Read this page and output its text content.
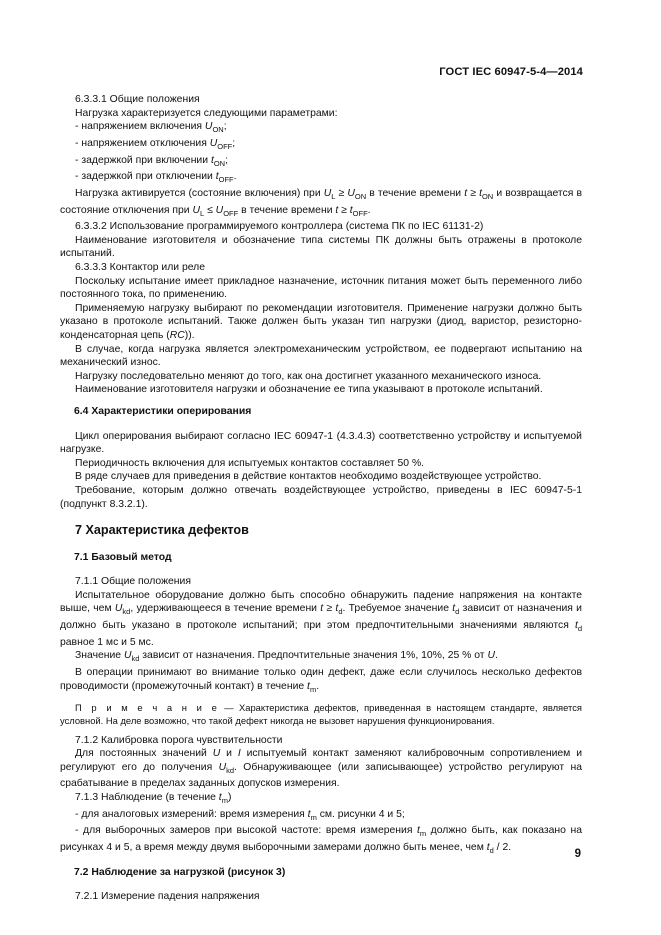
ГОСТ IEC 60947-5-4—2014

6.3.3.1 Общие положения

Нагрузка характеризуется следующими параметрами:

- напряжением включения $U_{ON}$;

- напряжением отключения $U_{OFF}$;

- задержкой при включении $t_{ON}$;

- задержкой при отключении $t_{OFF}$.

Нагрузка активируется (состояние включения) при $U_L \ge U_{ON}$ в течение времени $t \ge t_{ON}$ и возвращается в состояние отключения при $U_L \le U_{OFF}$ в течение времени $t \ge t_{OFF}$.

6.3.3.2 Использование программируемого контроллера (система ПК по IEC 61131-2)

Наименование изготовителя и обозначение типа системы ПК должны быть отражены в протоколе испытаний.

6.3.3.3 Контактор или реле

Поскольку испытание имеет прикладное назначение, источник питания может быть переменного либо постоянного тока, по применению.

Применяемую нагрузку выбирают по рекомендации изготовителя. Применение нагрузки должно быть указано в протоколе испытаний. Также должен быть указан тип нагрузки (диод, варистор, резисторно-конденсаторная цепь (RC)).

В случае, когда нагрузка является электромеханическим устройством, ее подвергают испытанию на механический износ.

Нагрузку последовательно меняют до того, как она достигнет указанного механического износа.

Наименование изготовителя нагрузки и обозначение ее типа указывают в протоколе испытаний.

6.4 Характеристики оперирования

Цикл оперирования выбирают согласно IEC 60947-1 (4.3.4.3) соответственно устройству и испытуемой нагрузке.

Периодичность включения для испытуемых контактов составляет 50 %.

В ряде случаев для приведения в действие контактов необходимо воздействующее устройство.

Требование, которым должно отвечать воздействующее устройство, приведены в IEC 60947-5-1 (подпункт 8.3.2.1).

7 Характеристика дефектов

7.1 Базовый метод

7.1.1 Общие положения

Испытательное оборудование должно быть способно обнаружить падение напряжения на контакте выше, чем $U_{kd}$, удерживающееся в течение времени $t \ge t_d$. Требуемое значение $t_d$ зависит от назначения и должно быть указано в протоколе испытаний; при этом предпочтительными значениями являются $t_d$ равное 1 мс и 5 мс.

Значение $U_{kd}$ зависит от назначения. Предпочтительные значения 1%, 10%, 25 % от U.

В операции принимают во внимание только один дефект, даже если случилось несколько дефектов проводимости (промежуточный контакт) в течение $t_m$.

П р и м е ч а н и е — Характеристика дефектов, приведенная в настоящем стандарте, является условной. На деле возможно, что такой дефект никогда не вызовет нарушения функционирования.

7.1.2 Калибровка порога чувствительности

Для постоянных значений U и I испытуемый контакт заменяют калибровочным сопротивлением и регулируют его до получения $U_{kd}$. Обнаруживающее (или записывающее) устройство регулируют на срабатывание в пределах заданных допусков измерения.

7.1.3 Наблюдение (в течение $t_m$)

- для аналоговых измерений: время измерения $t_m$ см. рисунки 4 и 5;

- для выборочных замеров при высокой частоте: время измерения $t_m$ должно быть, как показано на рисунках 4 и 5, а время между двумя выборочными замерами должно быть менее, чем $t_d / 2$.

7.2 Наблюдение за нагрузкой (рисунок 3)

7.2.1 Измерение падения напряжения

9
